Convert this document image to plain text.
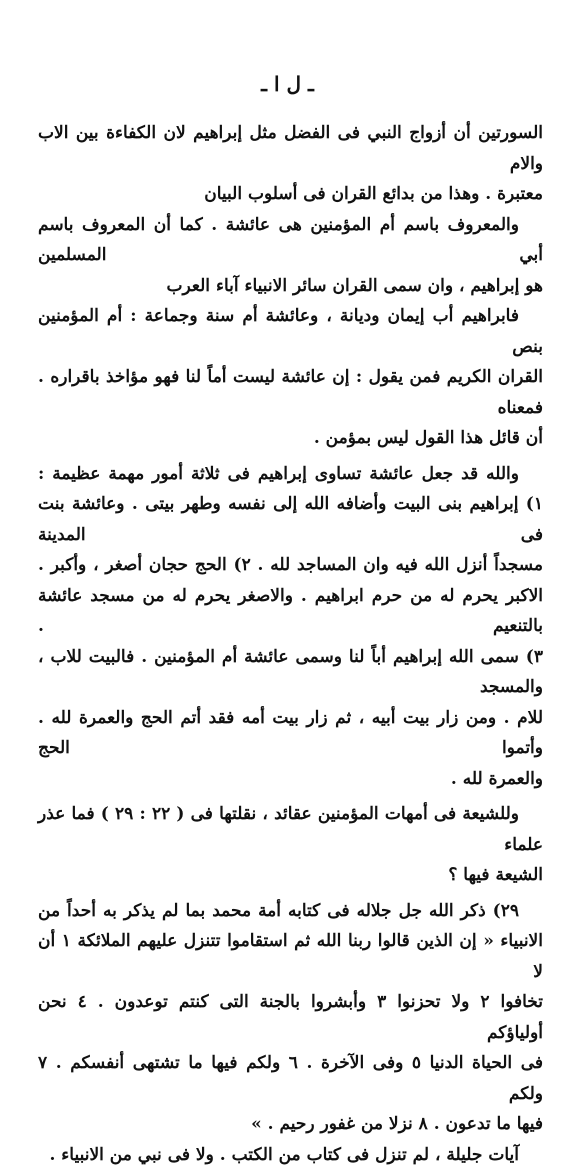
ـ ل ا ـ

السورتين أن أزواج النبي فى الفضل مثل إبراهيم لان الكفاءة بين الاب والام
معتبرة . وهذا من بدائع القران فى أسلوب البيان

والمعروف باسم أم المؤمنين هى عائشة . كما أن المعروف باسم أبي المسلمين
هو إبراهيم ، وان سمى القران سائر الانبياء آباء العرب

فابراهيم أب إيمان وديانة ، وعائشة أم سنة وجماعة : أم المؤمنين بنص
القران الكريم فمن يقول : إن عائشة ليست أماً لنا فهو مؤاخذ باقراره . فمعناه
أن قائل هذا القول ليس بمؤمن .

والله قد جعل عائشة تساوى إبراهيم فى ثلاثة أمور مهمة عظيمة :
١) إبراهيم بنى البيت وأضافه الله إلى نفسه وطهر بيتى . وعائشة بنت فى المدينة
مسجداً أنزل الله فيه وان المساجد لله . ٢) الحج حجان أصغر ، وأكبر .
الاكبر يحرم له من حرم ابراهيم . والاصغر يحرم له من مسجد عائشة بالتنعيم .
٣) سمى الله إبراهيم أباً لنا وسمى عائشة أم المؤمنين . فالبيت للاب ، والمسجد
للام . ومن زار بيت أبيه ، ثم زار بيت أمه فقد أتم الحج والعمرة لله . وأتموا الحج
والعمرة لله .

وللشيعة فى أمهات المؤمنين عقائد ، نقلتها فى ( ٢٢ : ٢٩ ) فما عذر علماء
الشيعة فيها ؟

٢٩) ذكر الله جل جلاله فى كتابه أمة محمد بما لم يذكر به أحداً من
الانبياء « إن الذين قالوا ربنا الله ثم استقاموا تتنزل عليهم الملائكة ١ أن لا
تخافوا ٢ ولا تحزنوا ٣ وأبشروا بالجنة التى كنتم توعدون . ٤ نحن أولياؤكم
فى الحياة الدنيا ٥ وفى الآخرة . ٦ ولكم فيها ما تشتهى أنفسكم . ٧ ولكم
فيها ما تدعون . ٨ نزلا من غفور رحيم . »

آيات جليلة ، لم تنزل فى كتاب من الكتب . ولا فى نبي من الانبياء .
